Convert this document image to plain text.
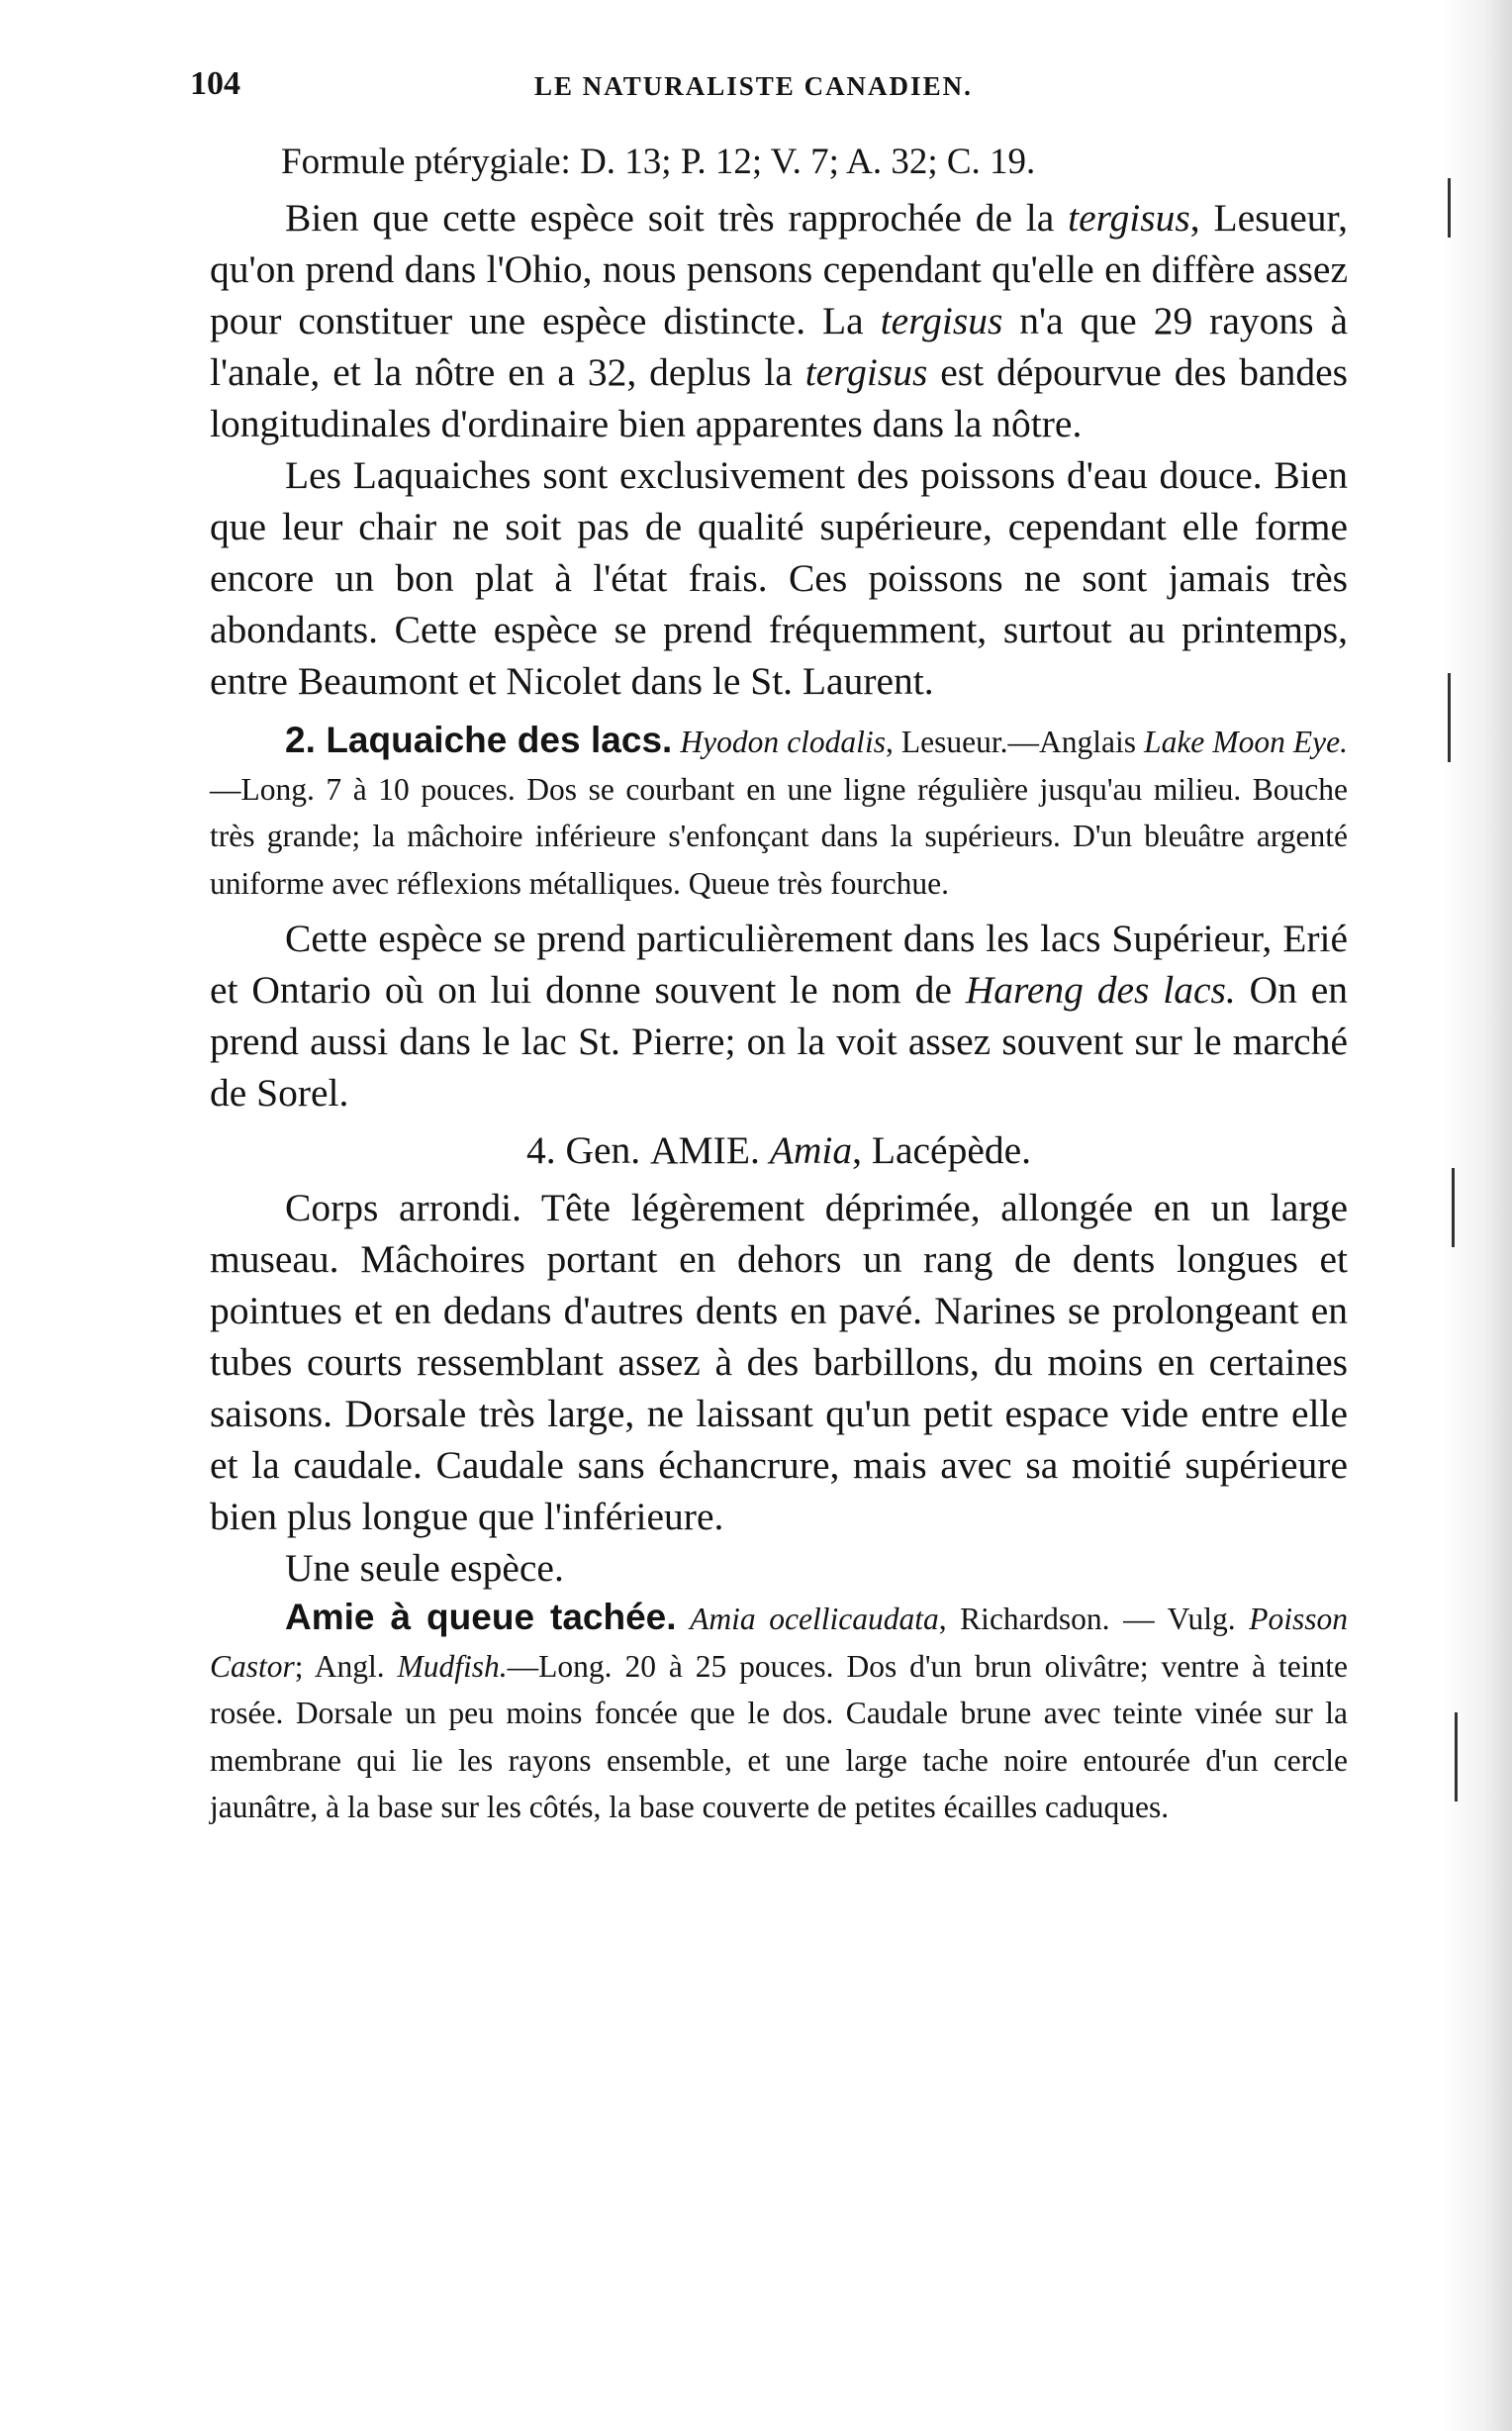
104	LE NATURALISTE CANADIEN.

Formule ptérygiale: D. 13; P. 12; V. 7; A. 32; C. 19.

Bien que cette espèce soit très rapprochée de la tergisus, Lesueur, qu'on prend dans l'Ohio, nous pensons cependant qu'elle en diffère assez pour constituer une espèce distincte. La tergisus n'a que 29 rayons à l'anale, et la nôtre en a 32, deplus la tergisus est dépourvue des bandes longitudinales d'ordinaire bien apparentes dans la nôtre.

Les Laquaiches sont exclusivement des poissons d'eau douce. Bien que leur chair ne soit pas de qualité supérieure, cependant elle forme encore un bon plat à l'état frais. Ces poissons ne sont jamais très abondants. Cette espèce se prend fréquemment, surtout au printemps, entre Beaumont et Nicolet dans le St. Laurent.

2. Laquaiche des lacs. Hyodon clodalis, Lesueur.—Anglais Lake Moon Eye.—Long. 7 à 10 pouces. Dos se courbant en une ligne régulière jusqu'au milieu. Bouche très grande; la mâchoire inférieure s'enfonçant dans la supérieurs. D'un bleuâtre argenté uniforme avec réflexions métalliques. Queue très fourchue.

Cette espèce se prend particulièrement dans les lacs Supérieur, Erié et Ontario où on lui donne souvent le nom de Hareng des lacs. On en prend aussi dans le lac St. Pierre; on la voit assez souvent sur le marché de Sorel.

4. Gen. AMIE. Amia, Lacépède.

Corps arrondi. Tête légèrement déprimée, allongée en un large museau. Mâchoires portant en dehors un rang de dents longues et pointues et en dedans d'autres dents en pavé. Narines se prolongeant en tubes courts ressemblant assez à des barbillons, du moins en certaines saisons. Dorsale très large, ne laissant qu'un petit espace vide entre elle et la caudale. Caudale sans échancrure, mais avec sa moitié supérieure bien plus longue que l'inférieure.

Une seule espèce.

Amie à queue tachée. Amia ocellicaudata, Richardson. — Vulg. Poisson Castor; Angl. Mudfish.—Long. 20 à 25 pouces. Dos d'un brun olivâtre; ventre à teinte rosée. Dorsale un peu moins foncée que le dos. Caudale brune avec teinte vinée sur la membrane qui lie les rayons ensemble, et une large tache noire entourée d'un cercle jaunâtre, à la base sur les côtés, la base couverte de petites écailles caduques.
